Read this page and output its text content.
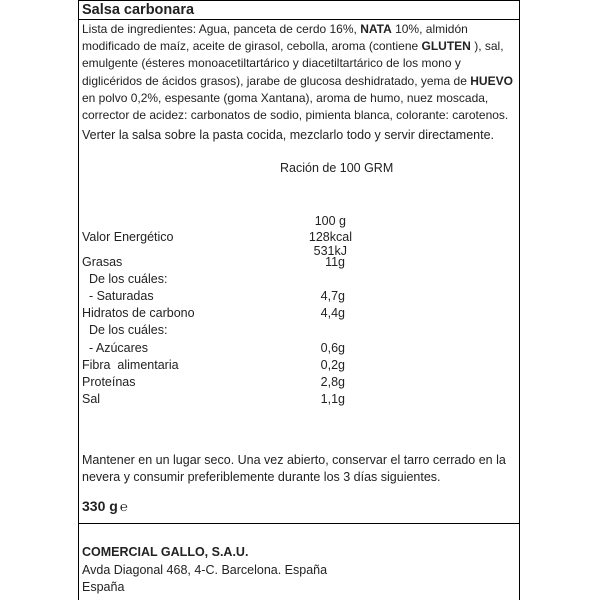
Salsa carbonara
Lista de ingredientes: Agua, panceta de cerdo 16%, NATA 10%, almidón
modificado de maíz, aceite de girasol, cebolla, aroma (contiene GLUTEN ), sal,
emulgente (ésteres monoacetiltartárico y diacetiltartárico de los mono y
diglicéridos de ácidos grasos), jarabe de glucosa deshidratado, yema de HUEVO
en polvo 0,2%, espesante (goma Xantana), aroma de humo, nuez moscada,
corrector de acidez: carbonatos de sodio, pimienta blanca, colorante: carotenos.
Verter la salsa sobre la pasta cocida, mezclarlo todo y servir directamente.
Ración de 100 GRM
100 g
Valor Energético	128kcal
531kJ
Grasas	11g
De los cuáles:
- Saturadas	4,7g
Hidratos de carbono	4,4g
De los cuáles:
- Azúcares	0,6g
Fibra  alimentaria	0,2g
Proteínas	2,8g
Sal	1,1g
Mantener en un lugar seco. Una vez abierto, conservar el tarro cerrado en la
nevera y consumir preferiblemente durante los 3 días siguientes.
330 g ℮
COMERCIAL GALLO, S.A.U.
Avda Diagonal 468, 4-C. Barcelona. España
España
